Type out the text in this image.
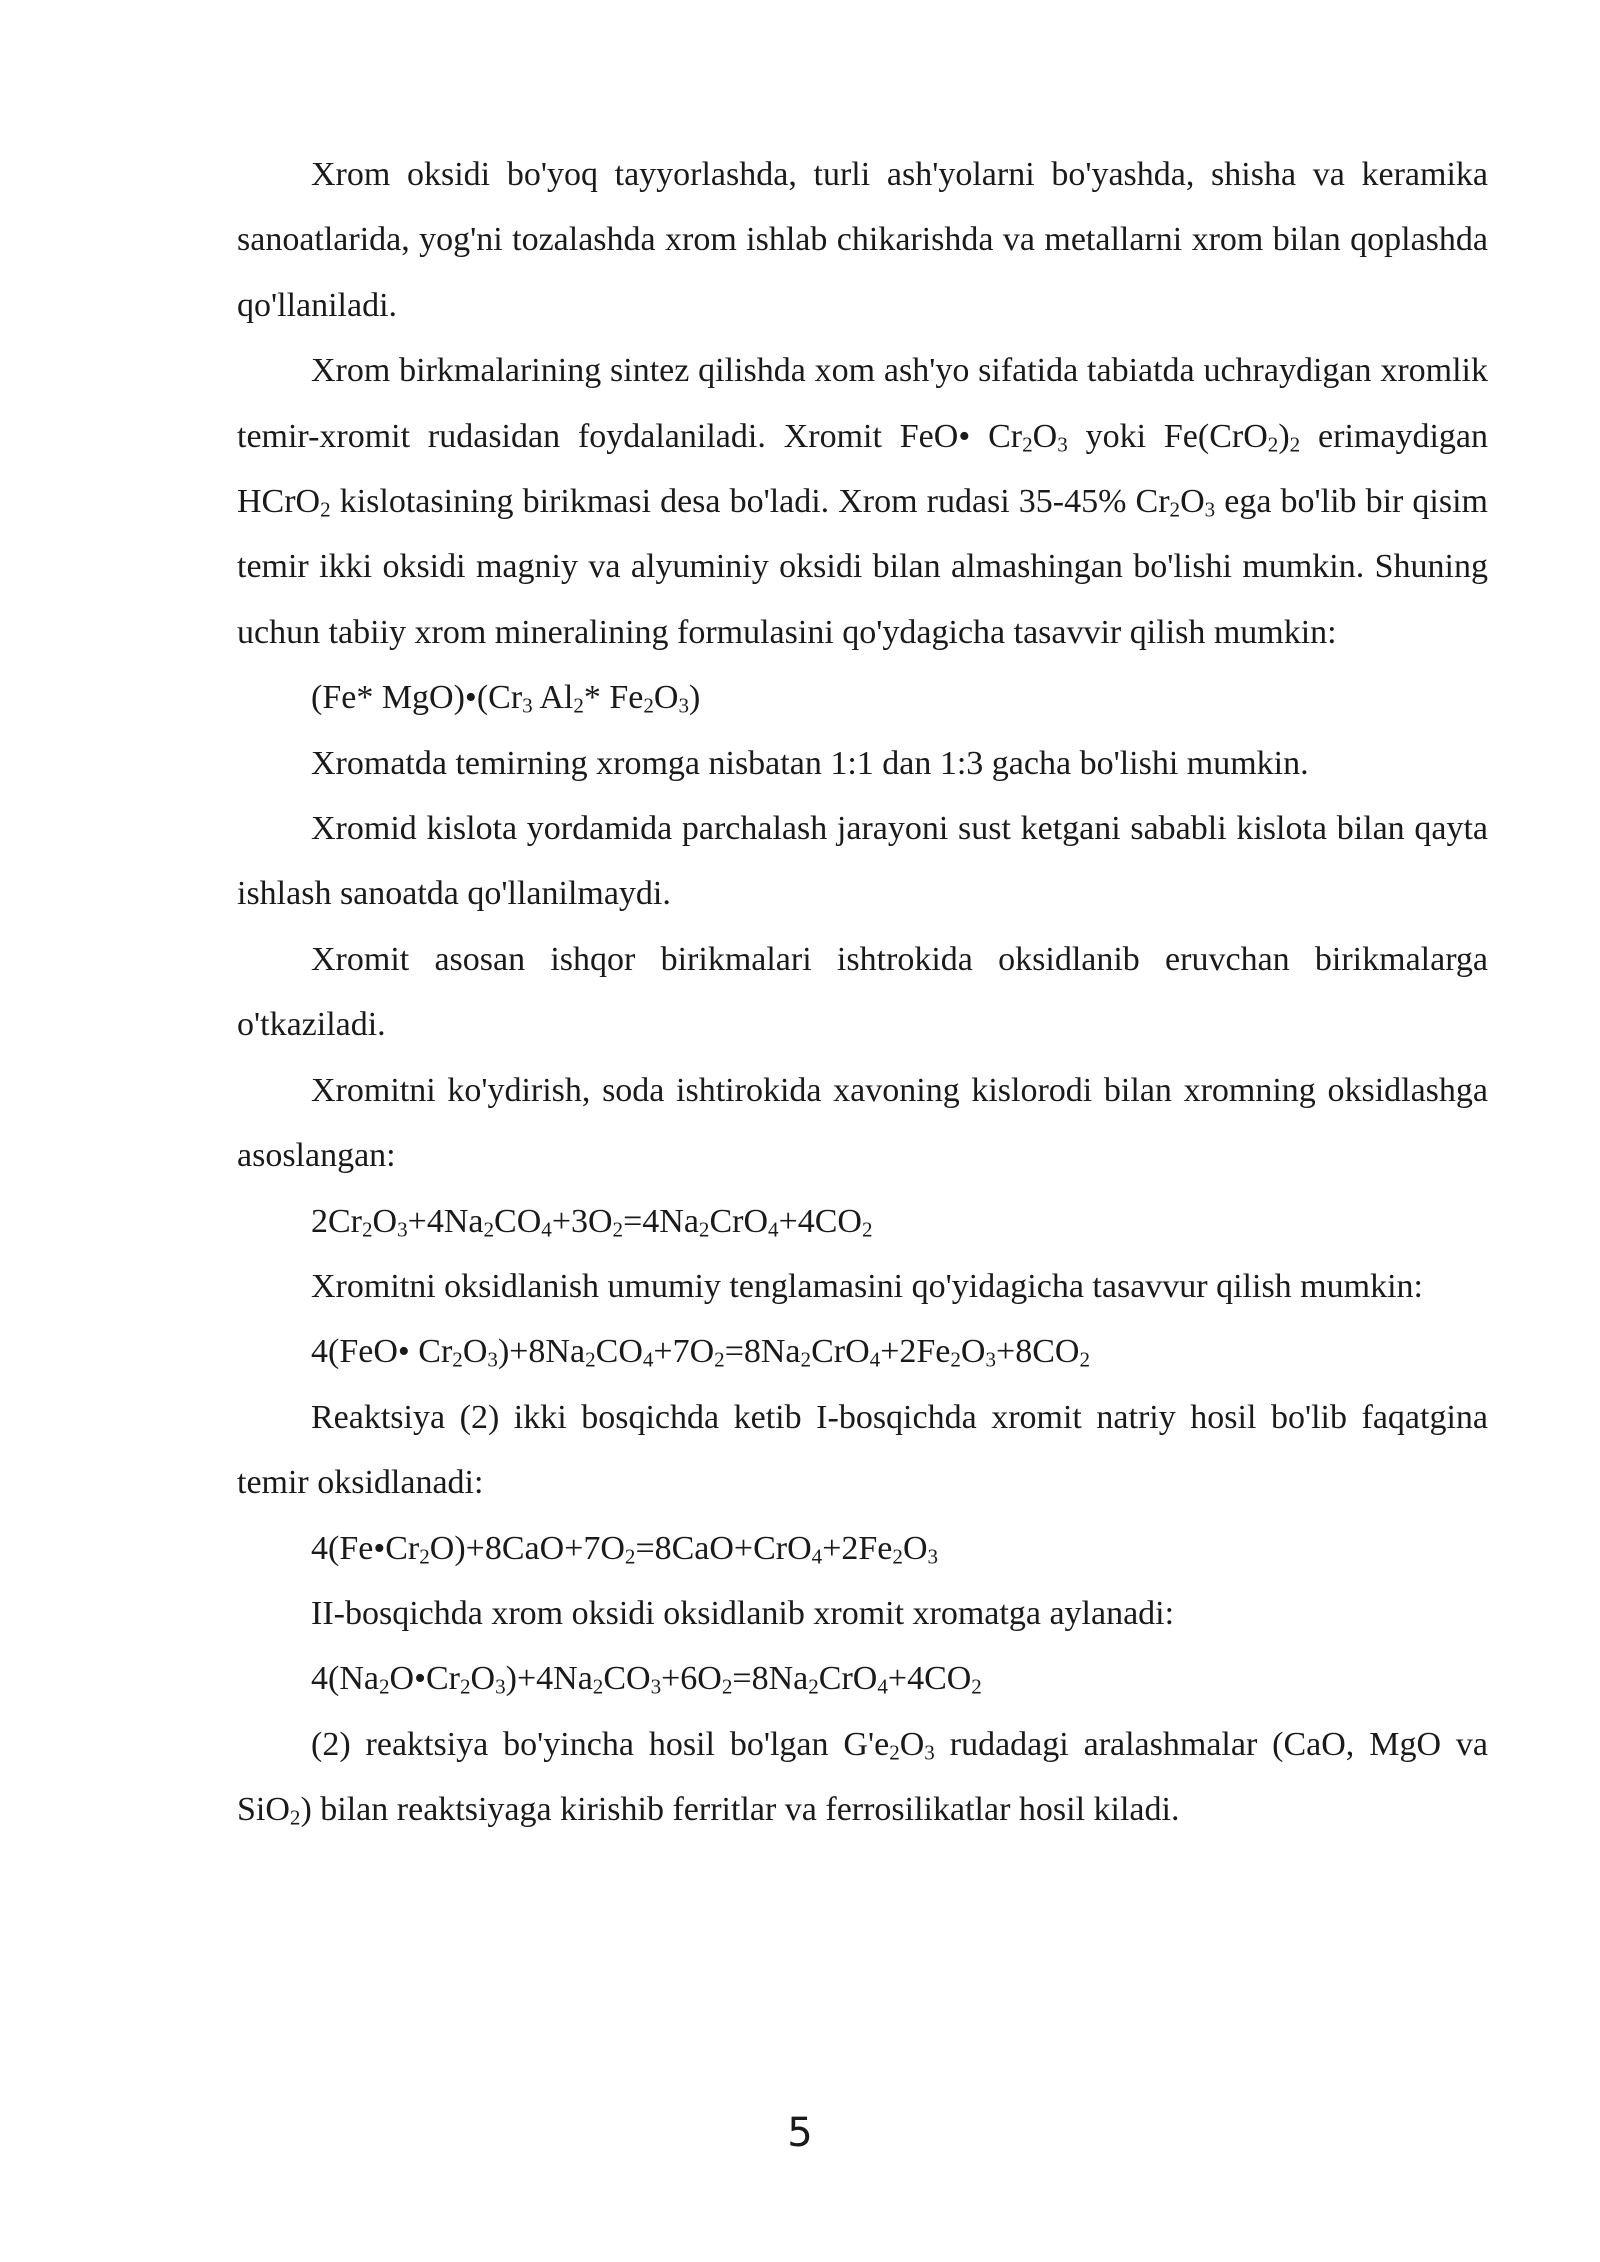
Xrom oksidi bo'yoq tayyorlashda, turli ash'yolarni bo'yashda, shisha va keramika sanoatlarida, yog'ni tozalashda xrom ishlab chikarishda va metallarni xrom bilan qoplashda qo'llaniladi.

Xrom birkmalarining sintez qilishda xom ash'yo sifatida tabiatda uchraydigan xromlik temir-xromit rudasidan foydalaniladi. Xromit FeO• $Cr_2O_3$ yoki $Fe(CrO_2)_2$ erimaydigan HCrO$_2$ kislotasining birikmasi desa bo'ladi. Xrom rudasi 35-45% $Cr_2O_3$ ega bo'lib bir qisim temir ikki oksidi magniy va alyuminiy oksidi bilan almashingan bo'lishi mumkin. Shuning uchun tabiiy xrom mineralining formulasini qo'ydagicha tasavvir qilish mumkin:

(Fe* $MgO)•(Cr_3$ $Al_2*$ $Fe_2O_3$)

Xromatda temirning xromga nisbatan 1:1 dan 1:3 gacha bo'lishi mumkin.

Xromid kislota yordamida parchalash jarayoni sust ketgani sababli kislota bilan qayta ishlash sanoatda qo'llanilmaydi.

Xromit asosan ishqor birikmalari ishtrokida oksidlanib eruvchan birikmalarga o'tkaziladi.

Xromitni ko'ydirish, soda ishtirokida xavoning kislorodi bilan xromning oksidlashga asoslangan:

$2Cr_2O_3+4Na_2CO_4+3O_2=4Na_2CrO_4+4CO_2$

Xromitni oksidlanish umumiy tenglamasini qo'yidagicha tasavvur qilish mumkin:

4(FeO• $Cr_2O_3)+8Na_2CO_4+7O_2=8Na_2CrO_4+2Fe_2O_3+8CO_2$

Reaktsiya (2) ikki bosqichda ketib I-bosqichda xromit natriy hosil bo'lib faqatgina temir oksidlanadi:

$4(Fe•Cr_2O)+8CaO+7O_2=8CaO+CrO_4+2Fe_2O_3$

II-bosqichda xrom oksidi oksidlanib xromit xromatga aylanadi:

$4(Na_2O•Cr_2O_3)+4Na_2CO_3+6O_2=8Na_2CrO_4+4CO_2$

(2) reaktsiya bo'yincha hosil bo'lgan $G'e_2O_3$ rudadagi aralashmalar (CaO, MgO va SiO$_2$) bilan reaktsiyaga kirishib ferritlar va ferrosilikatlar hosil kiladi.

5
